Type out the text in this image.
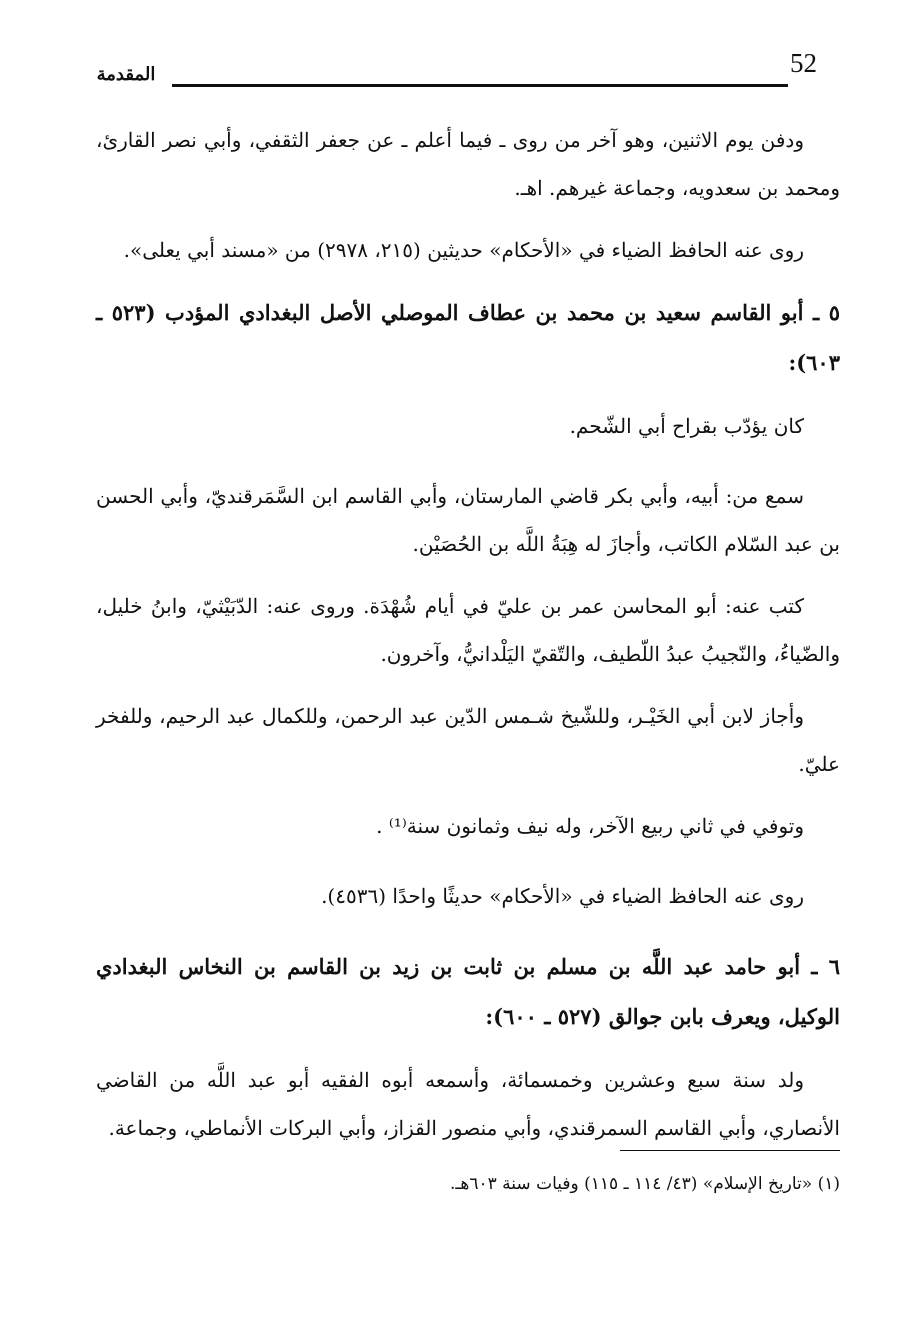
52
المقدمة

ودفن يوم الاثنين، وهو آخر من روى ـ فيما أعلم ـ عن جعفر الثقفي، وأبي نصر القارئ، ومحمد بن سعدويه، وجماعة غيرهم. اهـ.

روى عنه الحافظ الضياء في «الأحكام» حديثين (٢١٥، ٢٩٧٨) من «مسند أبي يعلى».

٥ ـ أبو القاسم سعيد بن محمد بن عطاف الموصلي الأصل البغدادي المؤدب (٥٢٣ ـ ٦٠٣):

كان يؤدّب بقراح أبي الشّحم.

سمع من: أبيه، وأبي بكر قاضي المارستان، وأبي القاسم ابن السَّمَرقنديّ، وأبي الحسن بن عبد السّلام الكاتب، وأجازَ له هِبَةُ اللَّه بن الحُصَيْن.

كتب عنه: أبو المحاسن عمر بن عليّ في أيام شُهْدَة. وروى عنه: الدّبَيْثيّ، وابنُ خليل، والضّياءُ، والنّجيبُ عبدُ اللّطيف، والتّقيّ اليَلْدانيُّ، وآخرون.

وأجاز لابن أبي الخَيْـر، وللشّيخ شـمس الدّين عبد الرحمن، وللكمال عبد الرحيم، وللفخر عليّ.

وتوفي في ثاني ربيع الآخر، وله نيف وثمانون سنة⁽¹⁾ .

روى عنه الحافظ الضياء في «الأحكام» حديثًا واحدًا (٤٥٣٦).

٦ ـ أبو حامد عبد اللَّه بن مسلم بن ثابت بن زيد بن القاسم بن النخاس البغدادي الوكيل، ويعرف بابن جوالق (٥٢٧ ـ ٦٠٠):

ولد سنة سبع وعشرين وخمسمائة، وأسمعه أبوه الفقيه أبو عبد اللَّه من القاضي الأنصاري، وأبي القاسم السمرقندي، وأبي منصور القزاز، وأبي البركات الأنماطي، وجماعة.

(١) «تاريخ الإسلام» (٤٣/ ١١٤ ـ ١١٥) وفيات سنة ٦٠٣هـ.
